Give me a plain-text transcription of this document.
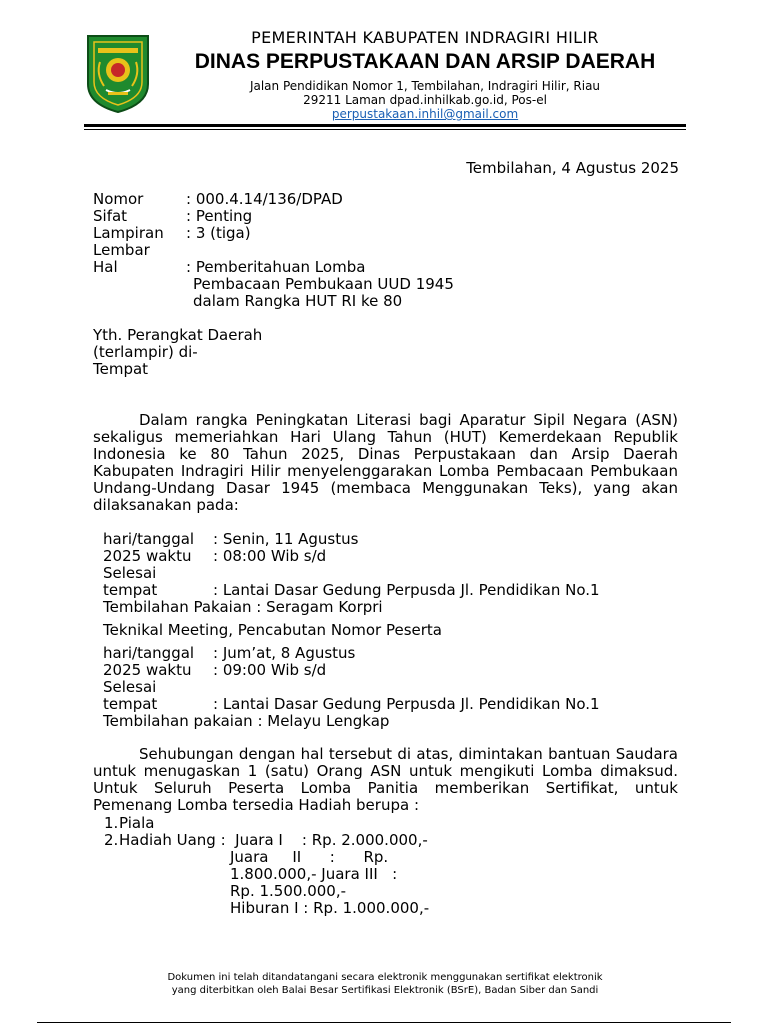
PEMERINTAH KABUPATEN INDRAGIRI HILIR
DINAS PERPUSTAKAAN DAN ARSIP DAERAH
Jalan Pendidikan Nomor 1, Tembilahan, Indragiri Hilir, Riau
29211 Laman dpad.inhilkab.go.id, Pos-el
perpustakaan.inhil@gmail.com
Tembilahan, 4 Agustus 2025
Nomor	: 000.4.14/136/DPAD
Sifat	: Penting
Lampiran : 3 (tiga)
Lembar
Hal	: Pemberitahuan Lomba
Pembacaan Pembukaan UUD 1945
dalam Rangka HUT RI ke 80
Yth. Perangkat Daerah
(terlampir) di-
Tempat
Dalam rangka Peningkatan Literasi bagi Aparatur Sipil Negara (ASN) sekaligus memeriahkan Hari Ulang Tahun (HUT) Kemerdekaan Republik Indonesia ke 80 Tahun 2025, Dinas Perpustakaan dan Arsip Daerah Kabupaten Indragiri Hilir menyelenggarakan Lomba Pembacaan Pembukaan Undang-Undang Dasar 1945 (membaca Menggunakan Teks), yang akan dilaksanakan pada:
hari/tanggal : Senin, 11 Agustus
2025 waktu : 08:00 Wib s/d
Selesai
tempat	: Lantai Dasar Gedung Perpusda Jl. Pendidikan No.1
Tembilahan Pakaian : Seragam Korpri
Teknikal Meeting, Pencabutan Nomor Peserta
hari/tanggal : Jum’at, 8 Agustus
2025 waktu : 09:00 Wib s/d
Selesai
tempat	: Lantai Dasar Gedung Perpusda Jl. Pendidikan No.1
Tembilahan pakaian : Melayu Lengkap
Sehubungan dengan hal tersebut di atas, dimintakan bantuan Saudara untuk menugaskan 1 (satu) Orang ASN untuk mengikuti Lomba dimaksud. Untuk Seluruh Peserta Lomba Panitia memberikan Sertifikat, untuk Pemenang Lomba tersedia Hadiah berupa :
1. Piala
2. Hadiah Uang :  Juara I    : Rp. 2.000.000,-
Juara     II      :      Rp.
1.800.000,- Juara III   :
Rp. 1.500.000,-
Hiburan I : Rp. 1.000.000,-
Dokumen ini telah ditandatangani secara elektronik menggunakan sertifikat elektronik
yang diterbitkan oleh Balai Besar Sertifikasi Elektronik (BSrE), Badan Siber dan Sandi
